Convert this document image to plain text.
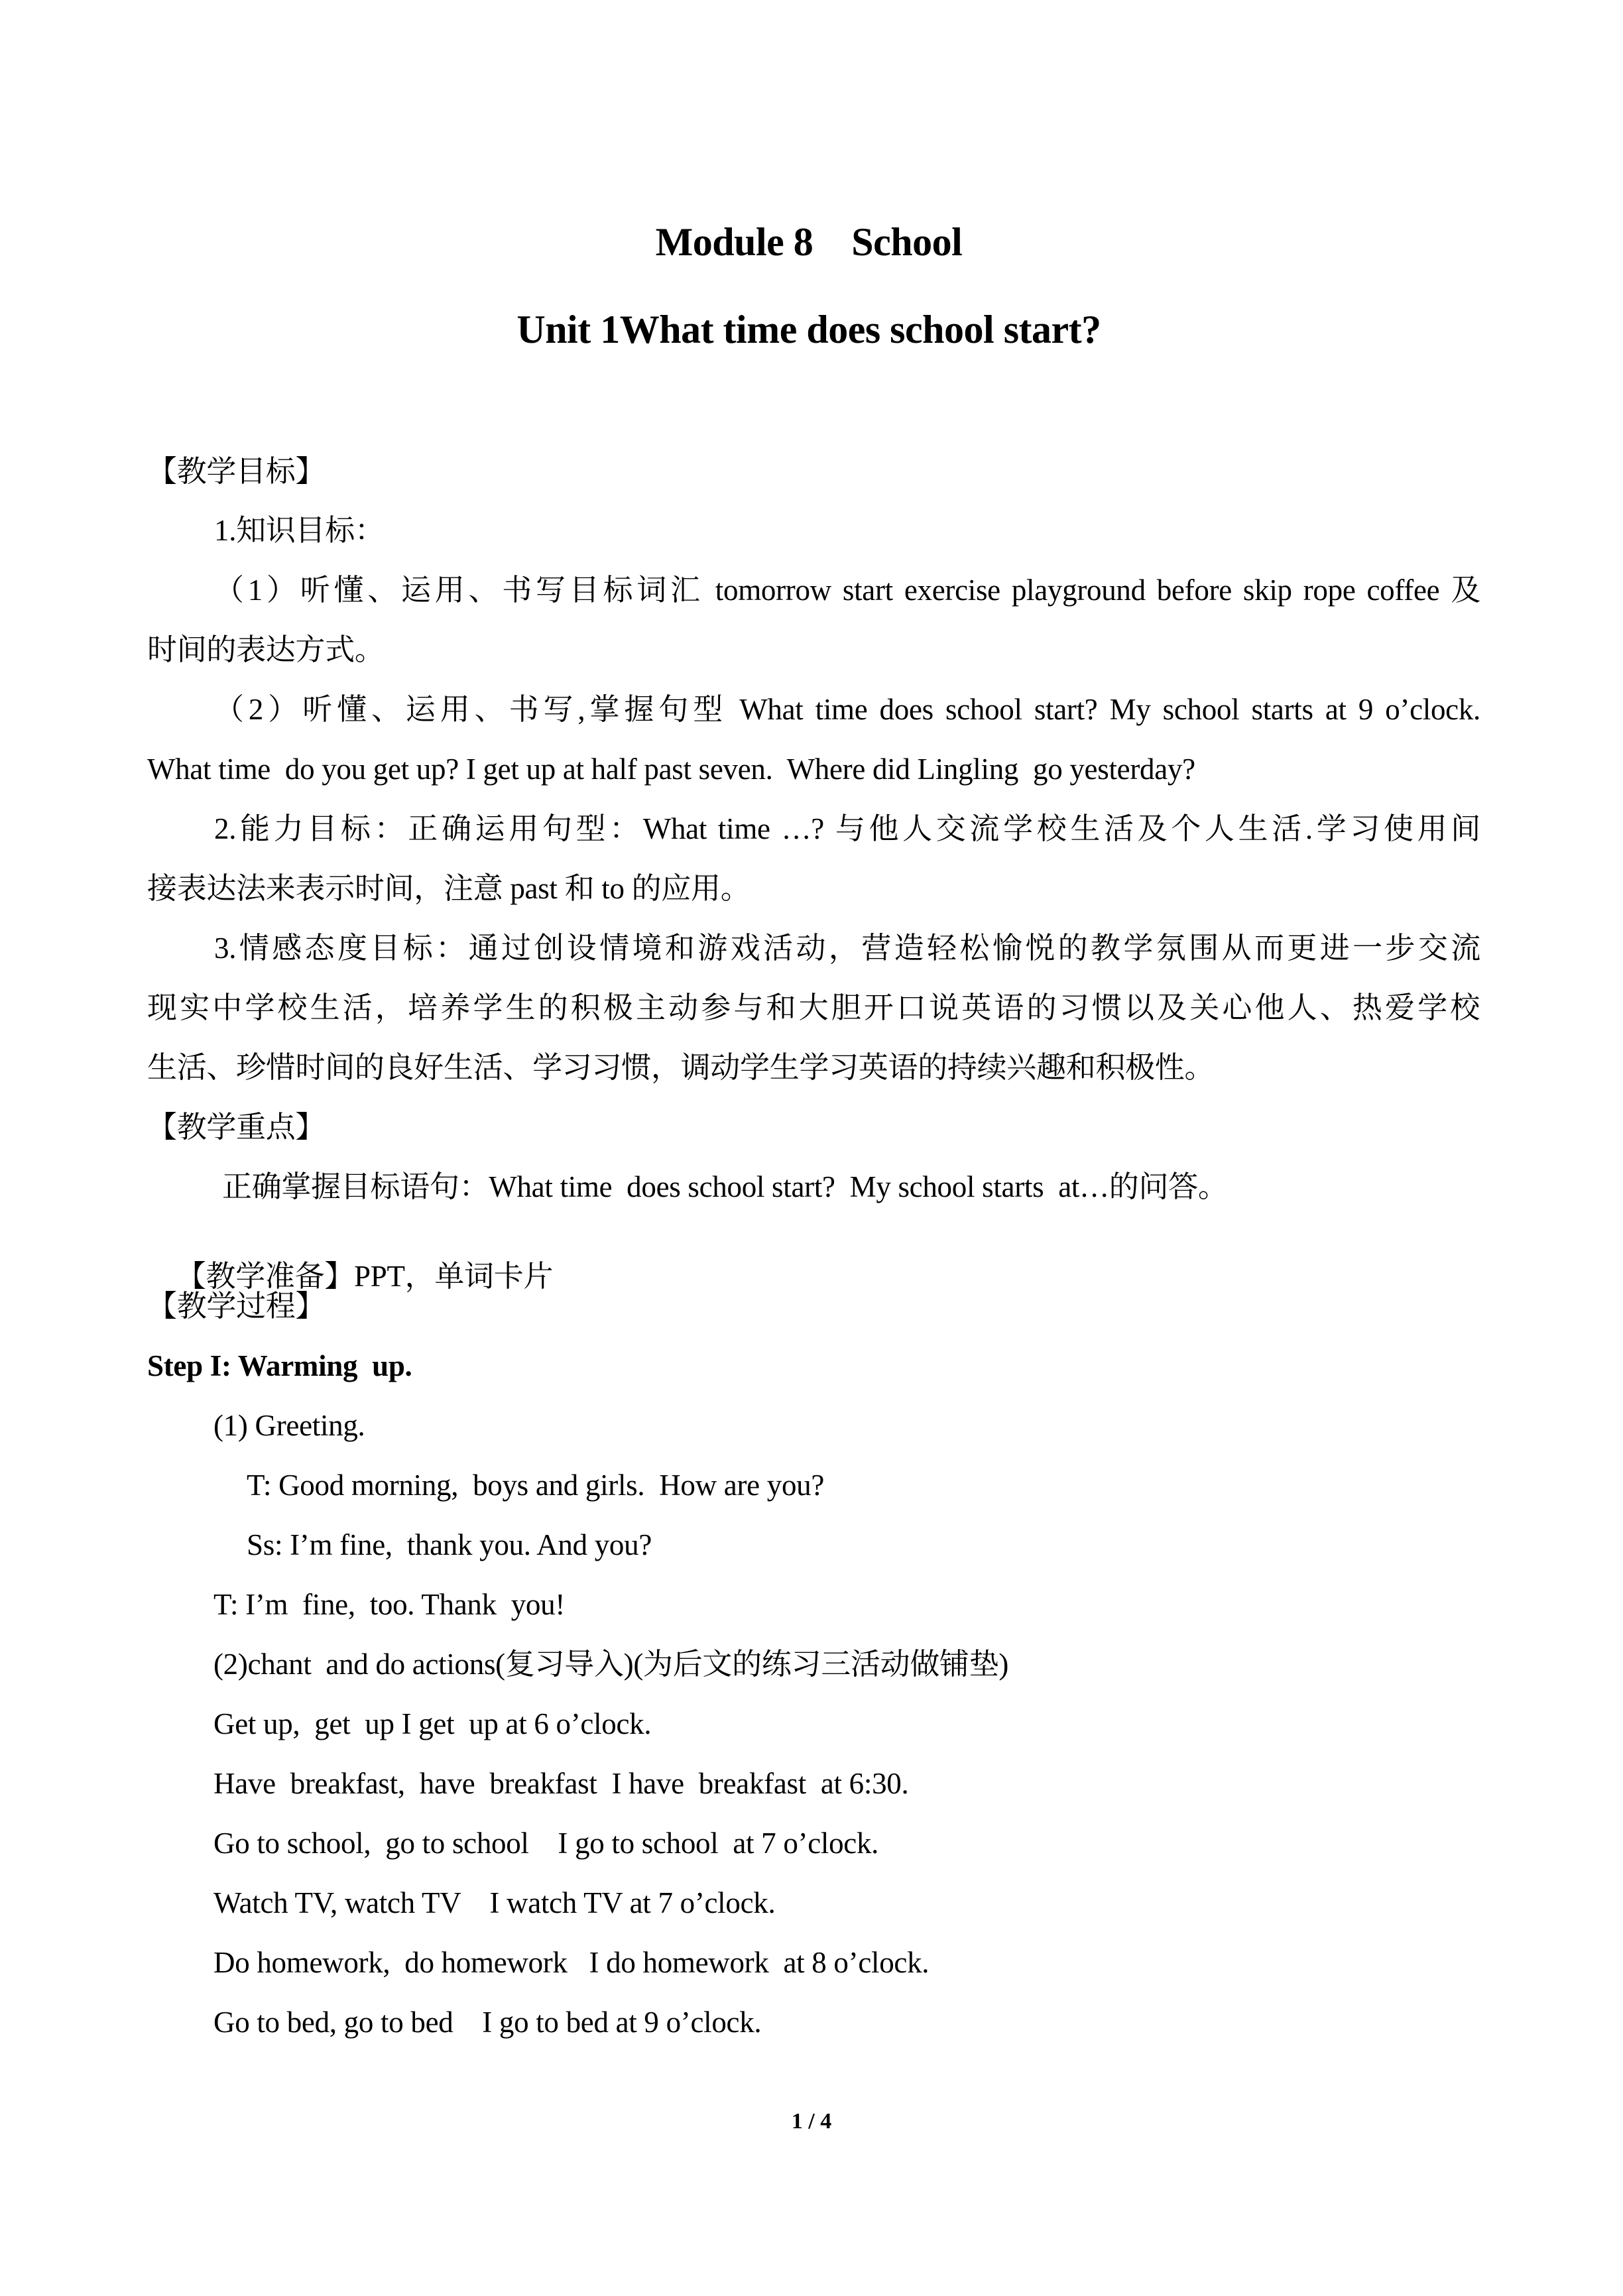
Module 8    School
Unit 1What time does school start?
【教学目标】
1.知识目标：
（1）听懂、运用、书写目标词汇 tomorrow start exercise playground before skip rope coffee 及
时间的表达方式。
（2）听懂、运用、书写,掌握句型 What time does school start? My school starts at 9 o’clock.
What time  do you get up? I get up at half past seven.  Where did Lingling  go yesterday?
2.能力目标：正确运用句型：What time …? 与他人交流学校生活及个人生活.学习使用间
接表达法来表示时间，注意 past 和 to 的应用。
3.情感态度目标：通过创设情境和游戏活动，营造轻松愉悦的教学氛围从而更进一步交流
现实中学校生活，培养学生的积极主动参与和大胆开口说英语的习惯以及关心他人、热爱学校
生活、珍惜时间的良好生活、学习习惯，调动学生学习英语的持续兴趣和积极性。
【教学重点】
正确掌握目标语句：What time  does school start?  My school starts  at…的问答。

【教学准备】PPT，单词卡片

【教学过程】
Step I: Warming  up.
(1) Greeting.
T: Good morning,  boys and girls.  How are you?
Ss: I’m fine,  thank you. And you?
T: I’m  fine,  too. Thank  you!
(2)chant  and do actions(复习导入)(为后文的练习三活动做铺垫)
Get up,  get  up I get  up at 6 o’clock.
Have  breakfast,  have  breakfast  I have  breakfast  at 6:30.
Go to school,  go to school    I go to school  at 7 o’clock.
Watch TV, watch TV    I watch TV at 7 o’clock.
Do homework,  do homework   I do homework  at 8 o’clock.
Go to bed, go to bed    I go to bed at 9 o’clock.
1 / 4
